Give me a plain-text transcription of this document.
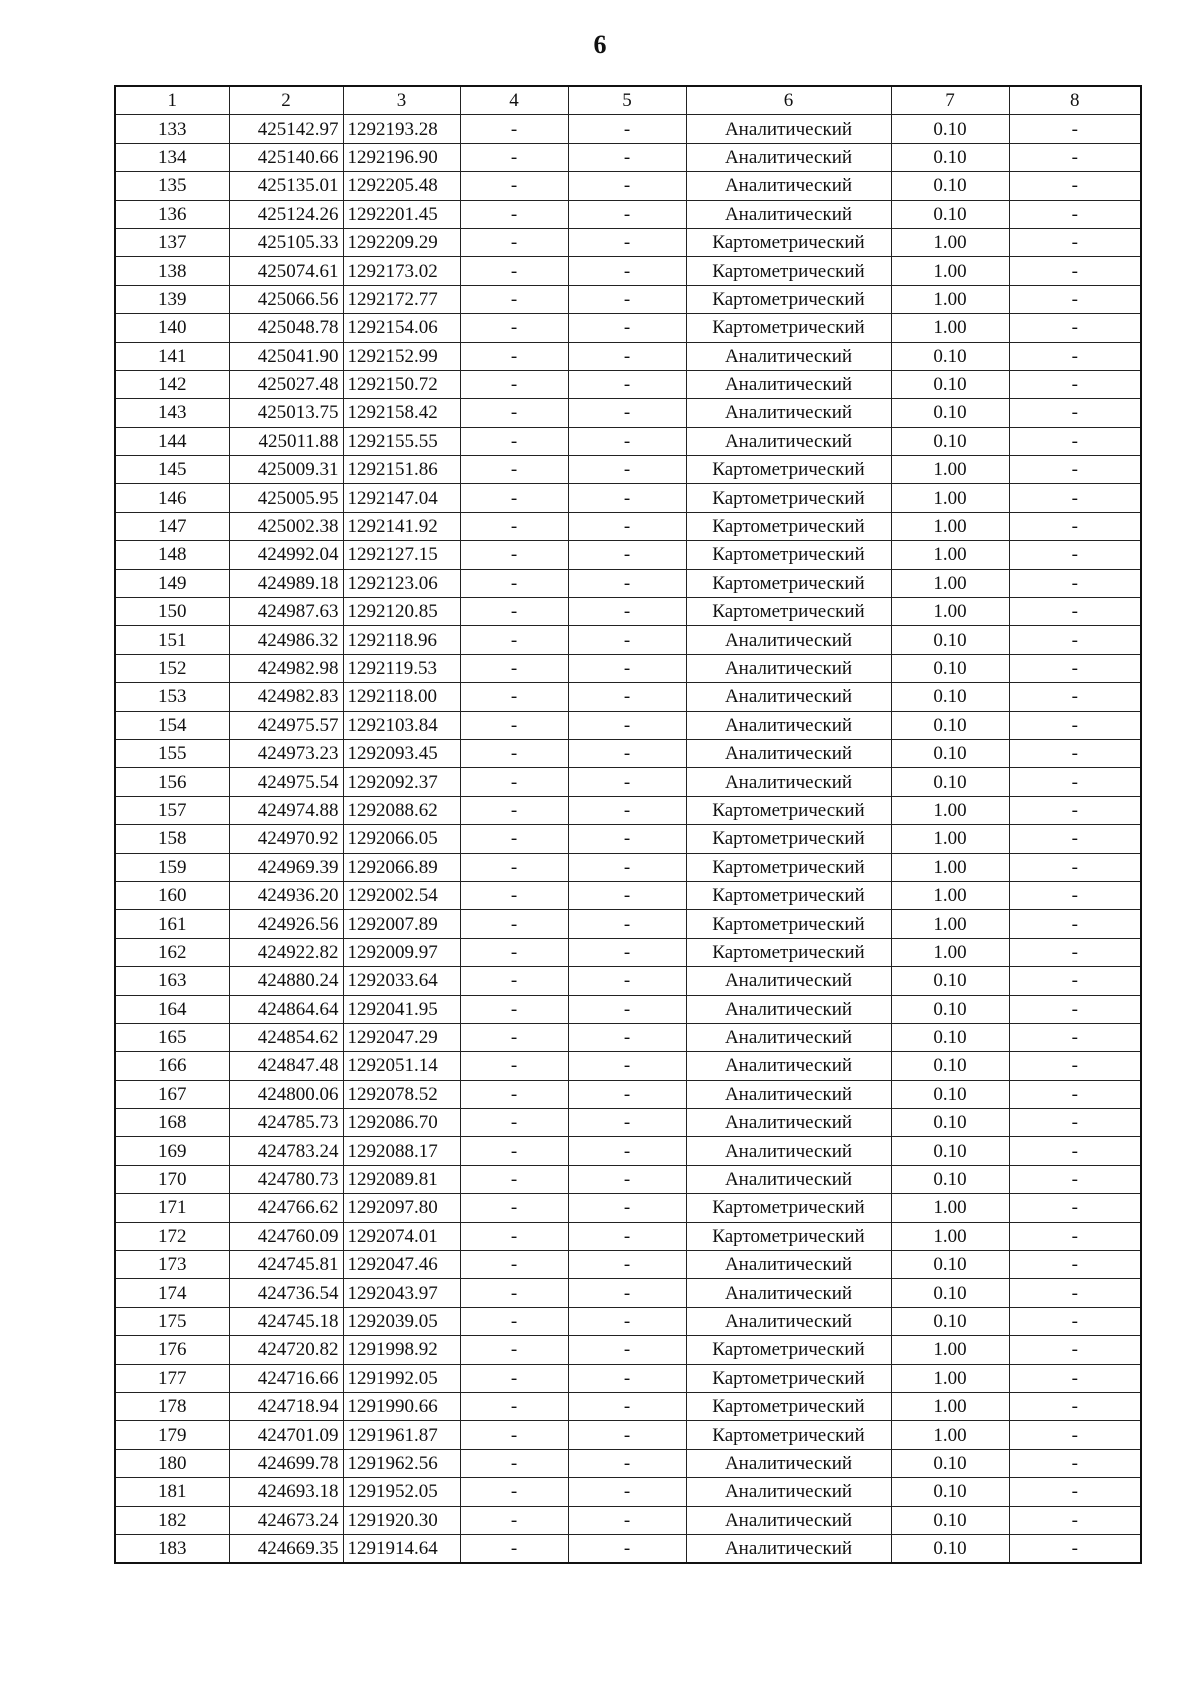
6
1	2	3	4	5	6	7	8
133	425142.97	1292193.28	-	-	Аналитический	0.10	-
134	425140.66	1292196.90	-	-	Аналитический	0.10	-
135	425135.01	1292205.48	-	-	Аналитический	0.10	-
136	425124.26	1292201.45	-	-	Аналитический	0.10	-
137	425105.33	1292209.29	-	-	Картометрический	1.00	-
138	425074.61	1292173.02	-	-	Картометрический	1.00	-
139	425066.56	1292172.77	-	-	Картометрический	1.00	-
140	425048.78	1292154.06	-	-	Картометрический	1.00	-
141	425041.90	1292152.99	-	-	Аналитический	0.10	-
142	425027.48	1292150.72	-	-	Аналитический	0.10	-
143	425013.75	1292158.42	-	-	Аналитический	0.10	-
144	425011.88	1292155.55	-	-	Аналитический	0.10	-
145	425009.31	1292151.86	-	-	Картометрический	1.00	-
146	425005.95	1292147.04	-	-	Картометрический	1.00	-
147	425002.38	1292141.92	-	-	Картометрический	1.00	-
148	424992.04	1292127.15	-	-	Картометрический	1.00	-
149	424989.18	1292123.06	-	-	Картометрический	1.00	-
150	424987.63	1292120.85	-	-	Картометрический	1.00	-
151	424986.32	1292118.96	-	-	Аналитический	0.10	-
152	424982.98	1292119.53	-	-	Аналитический	0.10	-
153	424982.83	1292118.00	-	-	Аналитический	0.10	-
154	424975.57	1292103.84	-	-	Аналитический	0.10	-
155	424973.23	1292093.45	-	-	Аналитический	0.10	-
156	424975.54	1292092.37	-	-	Аналитический	0.10	-
157	424974.88	1292088.62	-	-	Картометрический	1.00	-
158	424970.92	1292066.05	-	-	Картометрический	1.00	-
159	424969.39	1292066.89	-	-	Картометрический	1.00	-
160	424936.20	1292002.54	-	-	Картометрический	1.00	-
161	424926.56	1292007.89	-	-	Картометрический	1.00	-
162	424922.82	1292009.97	-	-	Картометрический	1.00	-
163	424880.24	1292033.64	-	-	Аналитический	0.10	-
164	424864.64	1292041.95	-	-	Аналитический	0.10	-
165	424854.62	1292047.29	-	-	Аналитический	0.10	-
166	424847.48	1292051.14	-	-	Аналитический	0.10	-
167	424800.06	1292078.52	-	-	Аналитический	0.10	-
168	424785.73	1292086.70	-	-	Аналитический	0.10	-
169	424783.24	1292088.17	-	-	Аналитический	0.10	-
170	424780.73	1292089.81	-	-	Аналитический	0.10	-
171	424766.62	1292097.80	-	-	Картометрический	1.00	-
172	424760.09	1292074.01	-	-	Картометрический	1.00	-
173	424745.81	1292047.46	-	-	Аналитический	0.10	-
174	424736.54	1292043.97	-	-	Аналитический	0.10	-
175	424745.18	1292039.05	-	-	Аналитический	0.10	-
176	424720.82	1291998.92	-	-	Картометрический	1.00	-
177	424716.66	1291992.05	-	-	Картометрический	1.00	-
178	424718.94	1291990.66	-	-	Картометрический	1.00	-
179	424701.09	1291961.87	-	-	Картометрический	1.00	-
180	424699.78	1291962.56	-	-	Аналитический	0.10	-
181	424693.18	1291952.05	-	-	Аналитический	0.10	-
182	424673.24	1291920.30	-	-	Аналитический	0.10	-
183	424669.35	1291914.64	-	-	Аналитический	0.10	-
